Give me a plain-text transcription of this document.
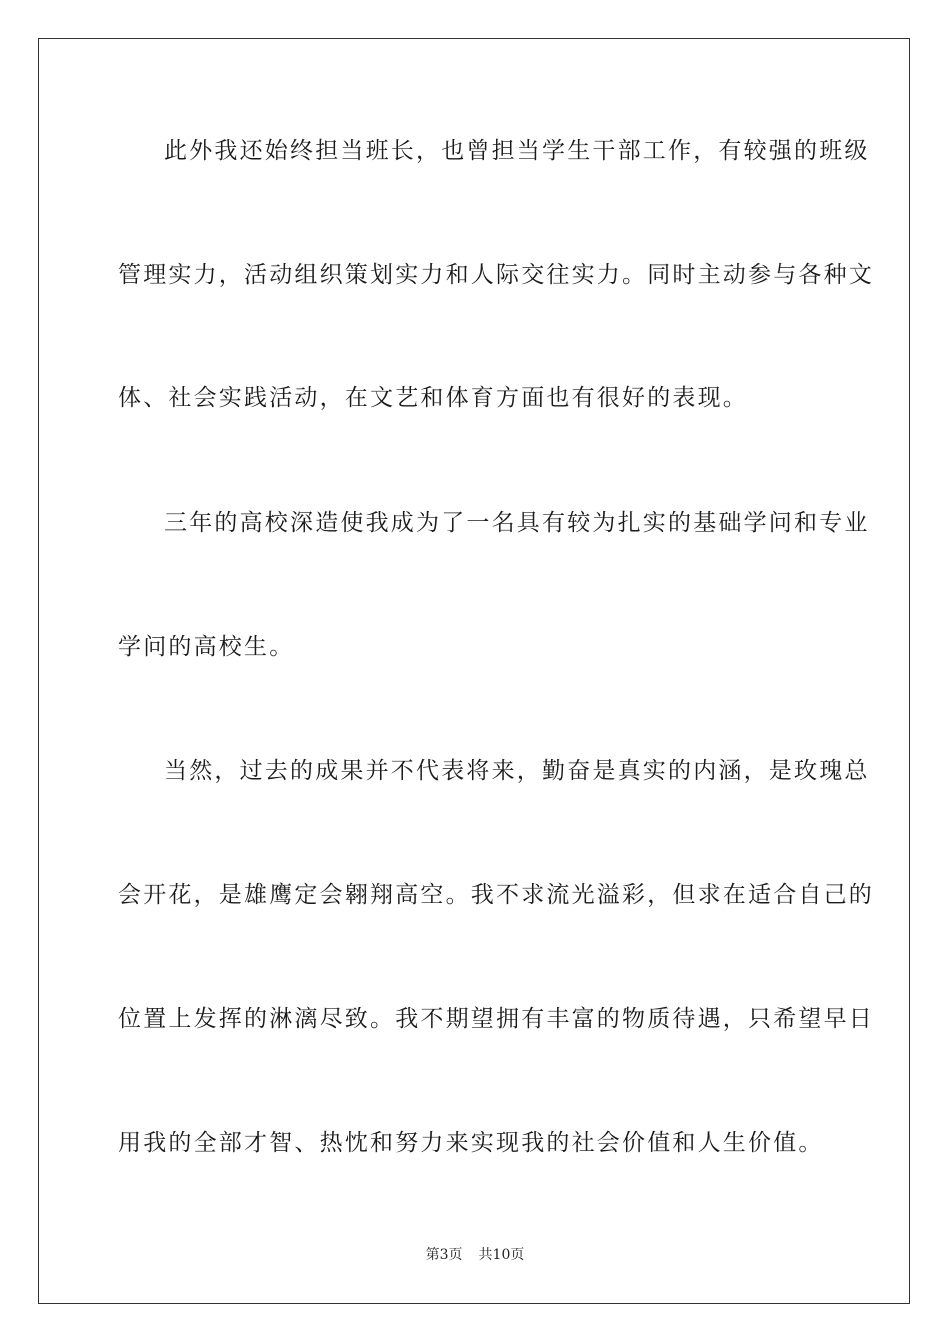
此外我还始终担当班长，也曾担当学生干部工作，有较强的班级
管理实力，活动组织策划实力和人际交往实力。同时主动参与各种文
体、社会实践活动，在文艺和体育方面也有很好的表现。
三年的高校深造使我成为了一名具有较为扎实的基础学问和专业
学问的高校生。
当然，过去的成果并不代表将来，勤奋是真实的内涵，是玫瑰总
会开花，是雄鹰定会翱翔高空。我不求流光溢彩，但求在适合自己的
位置上发挥的淋漓尽致。我不期望拥有丰富的物质待遇，只希望早日
用我的全部才智、热忱和努力来实现我的社会价值和人生价值。
第3页 共10页
